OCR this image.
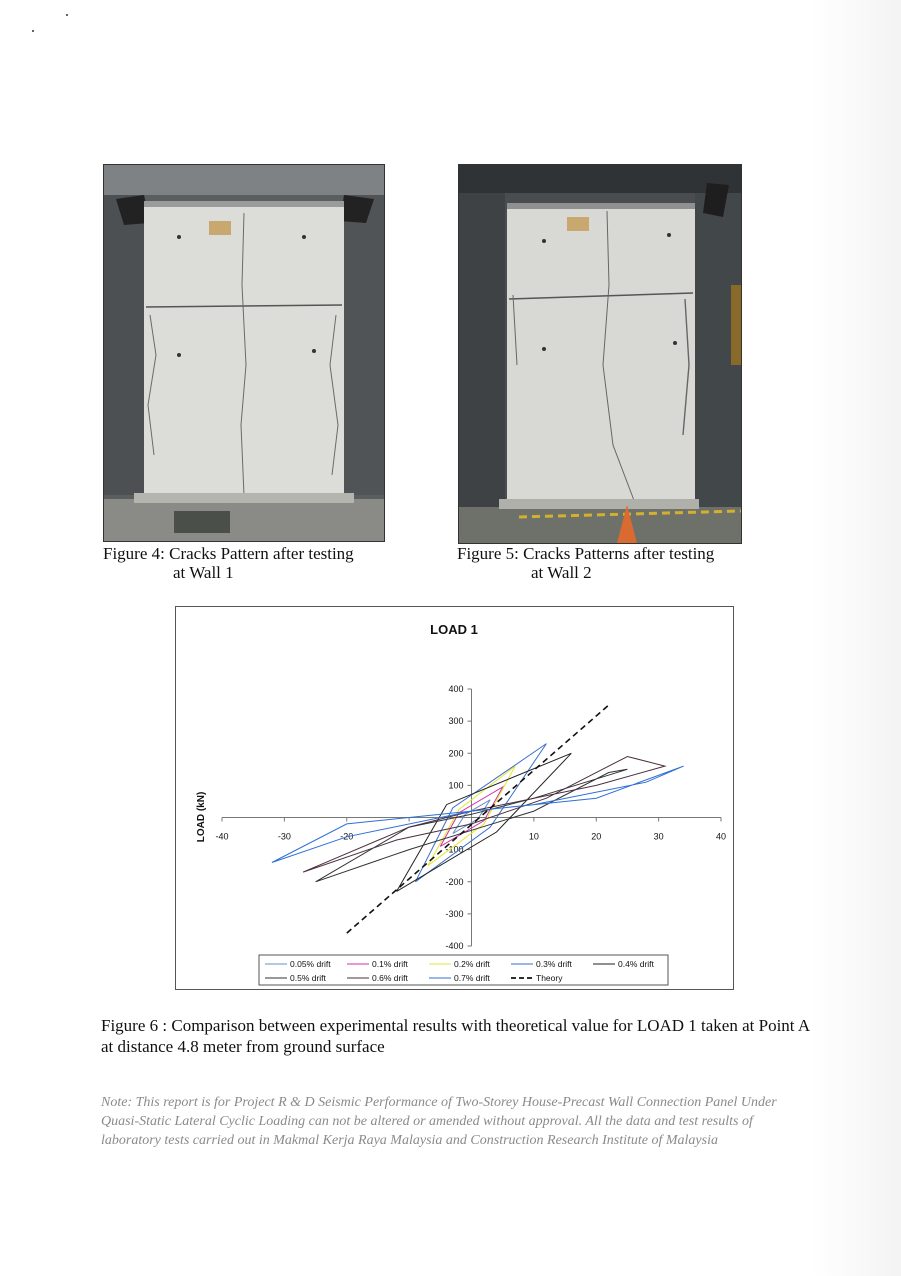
Figure 4: Cracks Pattern after testing
at Wall 1
Figure 5: Cracks Patterns after testing
at Wall 2
LOAD 1
LOAD (kN) -40	-30	-20	10	20	30	40
-400
-300
-200
-100
100
200
300
400
0.05% drift	0.1% drift	0.2% drift	0.3% drift	0.4% drift
0.5% drift	0.6% drift	0.7% drift	Theory
Figure 6 : Comparison between experimental results with theoretical value for LOAD 1 taken at Point A at distance 4.8 meter from ground surface
Note: This report is for Project R & D Seismic Performance of Two-Storey House-Precast Wall Connection Panel Under Quasi-Static Lateral Cyclic Loading can not be altered or amended without approval. All the data and test results of laboratory tests carried out in Makmal Kerja Raya Malaysia and Construction Research Institute of Malaysia
